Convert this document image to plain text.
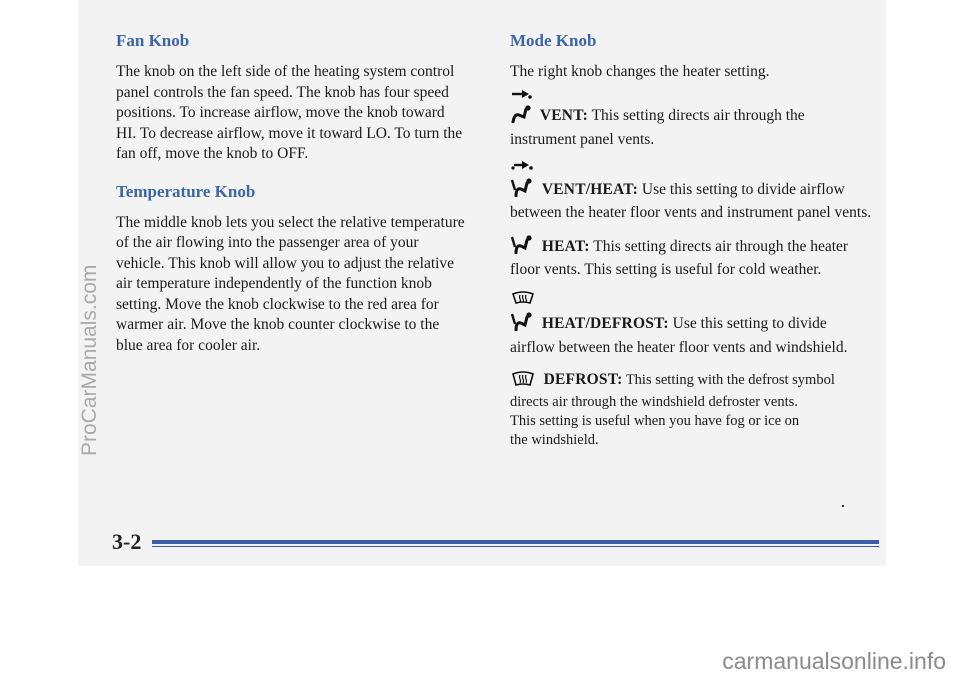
Fan Knob

The knob on the left side of the heating system control
panel controls the fan speed. The knob has four speed
positions. To increase airflow, move the knob toward
HI. To decrease airflow, move it toward LO. To turn the
fan off, move the knob to OFF.

Temperature Knob

The middle knob lets you select the relative temperature
of the air flowing into the passenger area of your
vehicle. This knob will allow you to adjust the relative
air temperature independently of the function knob
setting. Move the knob clockwise to the red area for
warmer air. Move the knob counter clockwise to the
blue area for cooler air.

Mode Knob

The right knob changes the heater setting.

VENT: This setting directs air through the
instrument panel vents.
VENT/HEAT: Use this setting to divide airflow
between the heater floor vents and instrument panel vents.
HEAT: This setting directs air through the heater
floor vents. This setting is useful for cold weather.
HEAT/DEFROST: Use this setting to divide
airflow between the heater floor vents and windshield.
DEFROST: This setting with the defrost symbol
directs air through the windshield defroster vents.
This setting is useful when you have fog or ice on
the windshield.
3-2
ProCarManuals.com
carmanualsonline.info
